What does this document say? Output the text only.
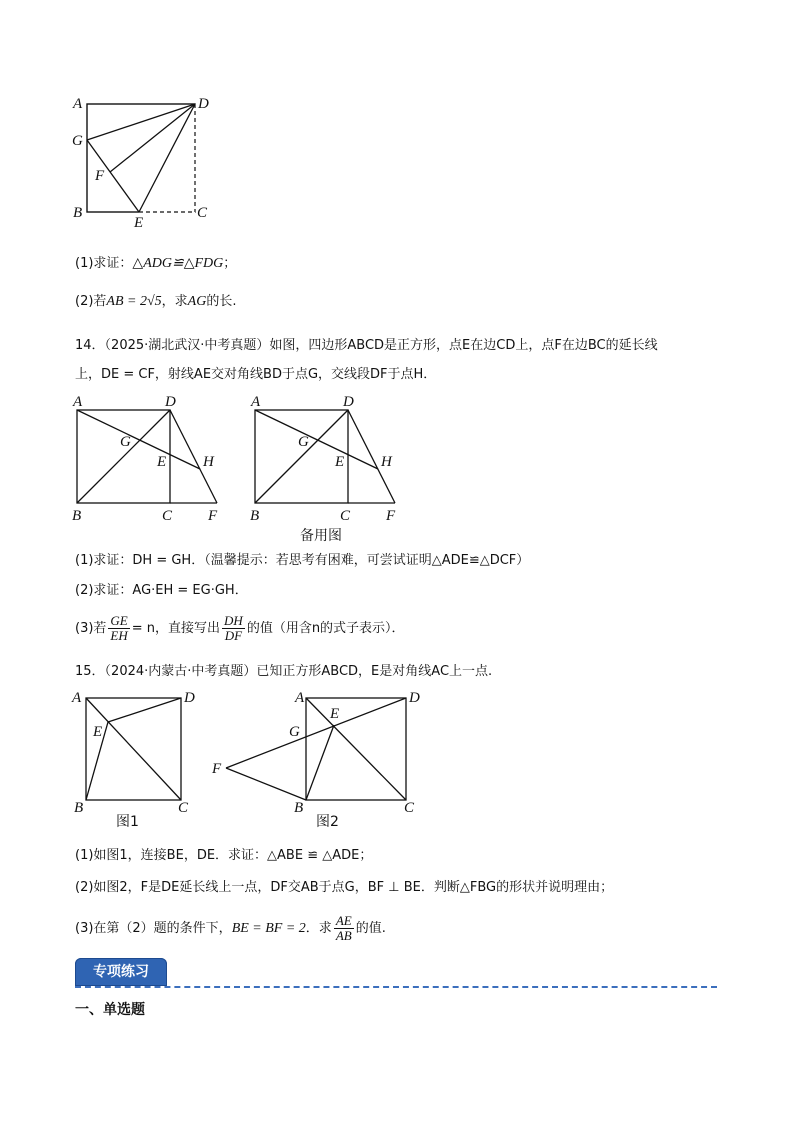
A	D
G
F
B
E
C
(1)求证：△ADG≌△FDG；
(2)若AB = 2√5，求AG的长.
14．（2025·湖北武汉·中考真题）如图，四边形ABCD是正方形，点E在边CD上，点F在边BC的延长线
上，DE = CF，射线AE交对角线BD于点G，交线段DF于点H．
A	D
G
E H
B	C F
A	D
G
E H
B	C F
备用图
(1)求证：DH = GH．（温馨提示：若思考有困难，可尝试证明△ADE≌△DCF）
(2)求证：AG·EH = EG·GH．
(3)若 $\frac{GE}{EH} = n$，直接写出 $\frac{DH}{DF}$ 的值（用含n的式子表示）．
15．（2024·内蒙古·中考真题）已知正方形ABCD，E是对角线AC上一点.
A	D
E
B	C
图1
A	D
E
G
F
B	C
图2
(1)如图1，连接BE，DE．求证：△ABE ≌ △ADE；
(2)如图2，F是DE延长线上一点，DF交AB于点G，BF ⊥ BE．判断△FBG的形状并说明理由；
(3)在第（2）题的条件下，BE = BF = 2．求 $\frac{AE}{AB}$ 的值.
专项练习
一、单选题
